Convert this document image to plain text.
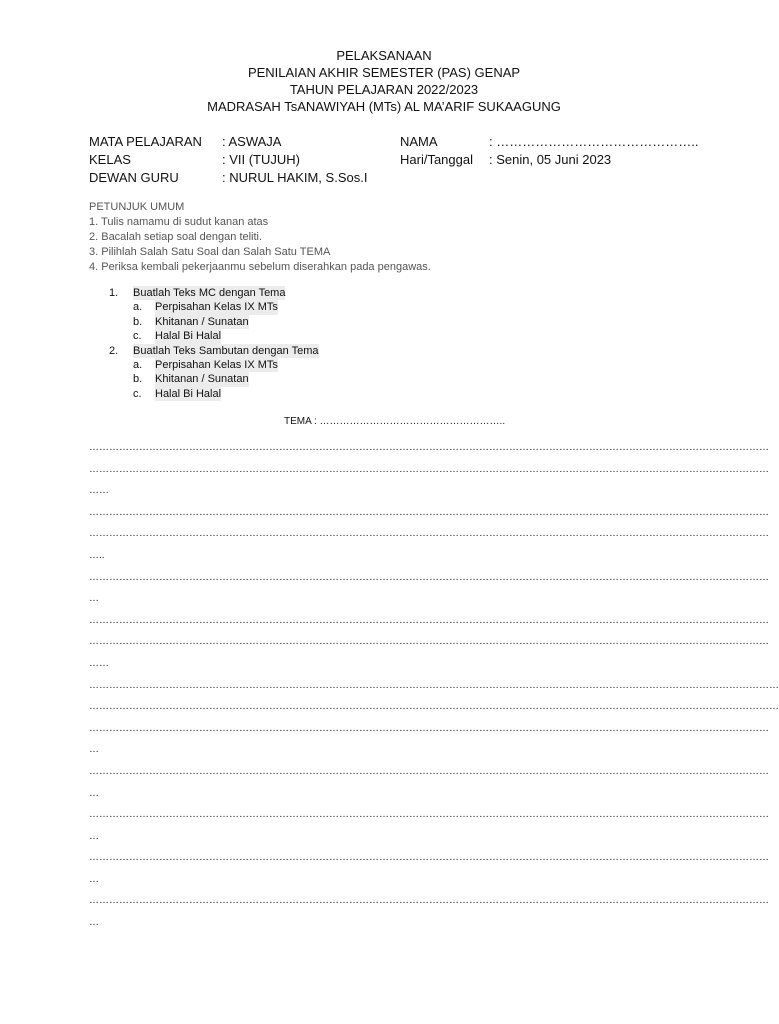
PELAKSANAAN
PENILAIAN AKHIR SEMESTER (PAS) GENAP
TAHUN PELAJARAN 2022/2023
MADRASAH TsANAWIYAH (MTs) AL MA’ARIF SUKAAGUNG
MATA PELAJARAN	: ASWAJA
KELAS	: VII (TUJUH)
DEWAN GURU	: NURUL HAKIM, S.Sos.I
NAMA	: ………………………………………..
Hari/Tanggal	: Senin, 05 Juni 2023
PETUNJUK UMUM
1. Tulis namamu di sudut kanan atas
2. Bacalah setiap soal dengan teliti.
3. Pilihlah Salah Satu Soal dan Salah Satu TEMA
4. Periksa kembali pekerjaanmu sebelum diserahkan pada pengawas.
1.	Buatlah Teks MC dengan Tema
a.	Perpisahan Kelas IX MTs
b.	Khitanan / Sunatan
c.	Halal Bi Halal
2.	Buatlah Teks Sambutan dengan Tema
a.	Perpisahan Kelas IX MTs
b.	Khitanan / Sunatan
c.	Halal Bi Halal
TEMA : ………………………………………………..
……………………………………………………………………………………………………………………………………………………………………………………
……………………………………………………………………………………………………………………………………………………………………………………
……
……………………………………………………………………………………………………………………………………………………………………………………
……………………………………………………………………………………………………………………………………………………………………………………
…..
……………………………………………………………………………………………………………………………………………………………………………………
…
……………………………………………………………………………………………………………………………………………………………………………………
……………………………………………………………………………………………………………………………………………………………………………………
……
………………………………………………………………………………………………………………………………………………………………………………………
………………………………………………………………………………………………………………………………………………………………………………………
……………………………………………………………………………………………………………………………………………………………………………………
…
……………………………………………………………………………………………………………………………………………………………………………………
…
……………………………………………………………………………………………………………………………………………………………………………………
…
……………………………………………………………………………………………………………………………………………………………………………………
…
……………………………………………………………………………………………………………………………………………………………………………………
…
